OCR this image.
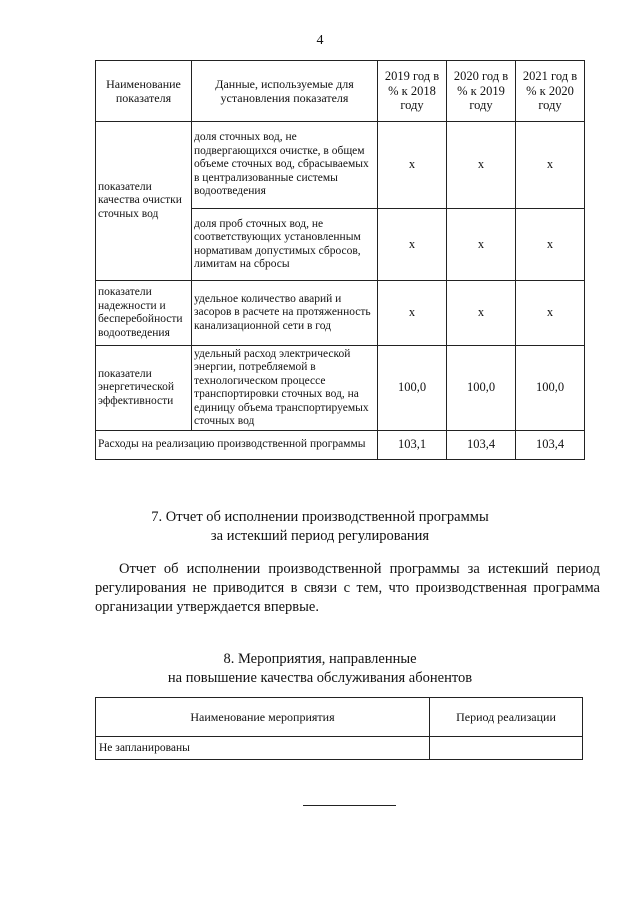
4
Наименование показателя	Данные, используемые для установления показателя	2019 год в % к 2018 году	2020 год в % к 2019 году	2021 год в % к 2020 году
показатели качества очистки сточных вод	доля сточных вод, не подвергающихся очистке, в общем объеме сточных вод, сбрасываемых в централизованные системы водоотведения	х	х	х
	доля проб сточных вод, не соответствующих установленным нормативам допустимых сбросов, лимитам на сбросы	х	х	х
показатели надежности и бесперебойности водоотведения	удельное количество аварий и засоров в расчете на протяженность канализационной сети в год	х	х	х
показатели энергетической эффективности	удельный расход электрической энергии, потребляемой в технологическом процессе транспортировки сточных вод, на единицу объема транспортируемых сточных вод	100,0	100,0	100,0
Расходы на реализацию производственной программы		103,1	103,4	103,4
7. Отчет об исполнении производственной программы
за истекший период регулирования
Отчет об исполнении производственной программы за истекший период регулирования не приводится в связи с тем, что производственная программа организации утверждается впервые.
8. Мероприятия, направленные
на повышение качества обслуживания абонентов
Наименование мероприятия	Период реализации
Не запланированы	
